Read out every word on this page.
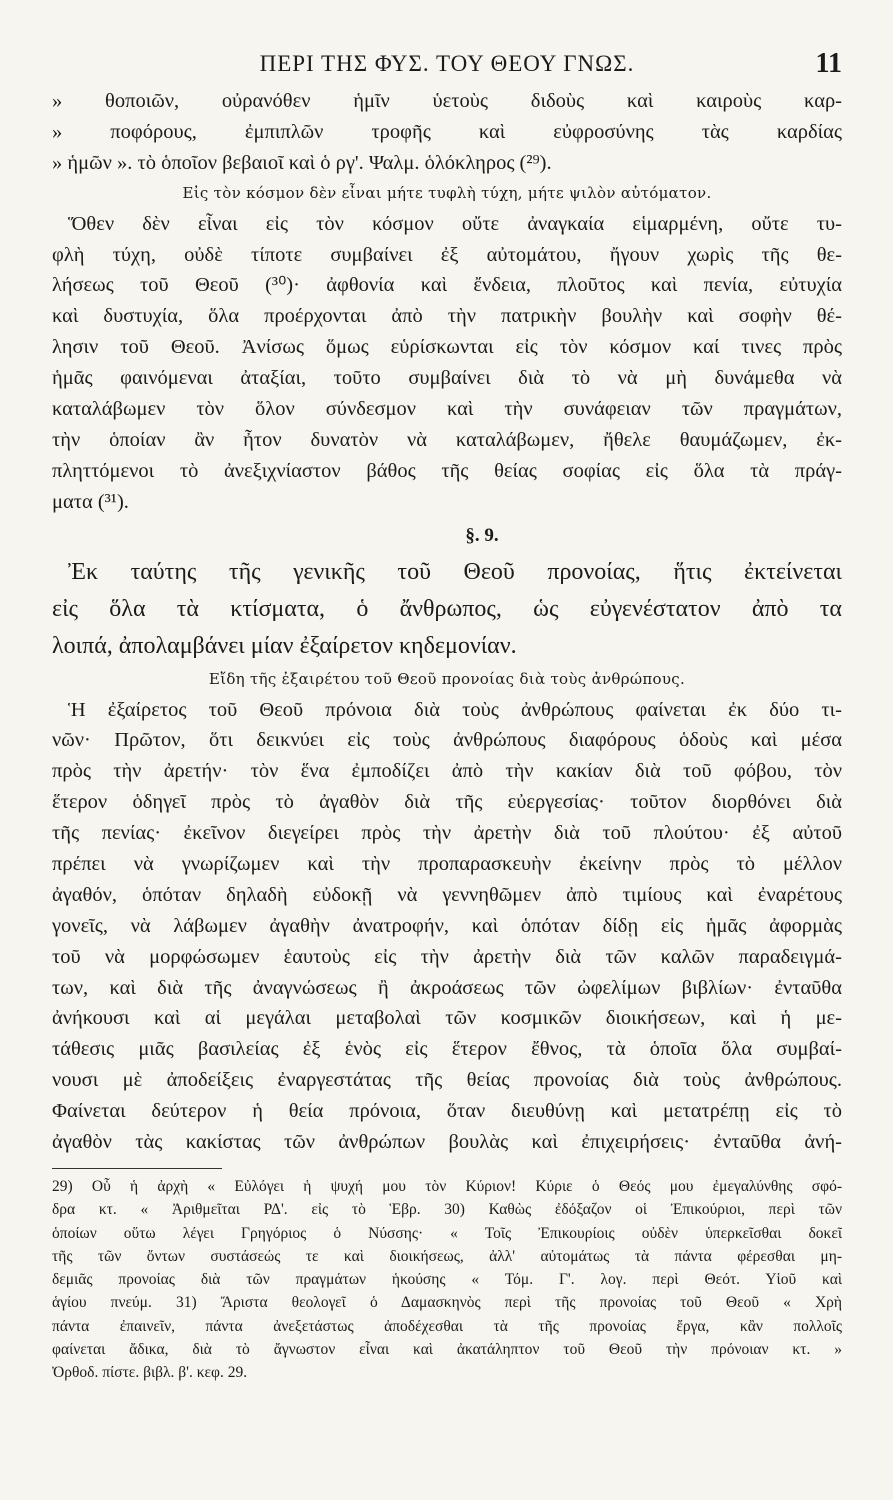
ΠΕΡΙ ΤΗΣ ΦΥΣ. ΤΟΥ ΘΕΟΥ ΓΝΩΣ.	11
» θοποιῶν, οὐρανόθεν ἡμῖν ὑετοὺς διδοὺς καὶ καιροὺς καρ-
» ποφόρους, ἐμπιπλῶν τροφῆς καὶ εὐφροσύνης τὰς καρδίας
» ἡμῶν ». τὸ ὁποῖον βεβαιοῖ καὶ ὁ ργ'. Ψαλμ. ὁλόκληρος (²⁹).
Εἰς τὸν κόσμον δὲν εἶναι μήτε τυφλὴ τύχη, μήτε ψιλὸν αὐτόματον.
Ὅθεν δὲν εἶναι εἰς τὸν κόσμον οὔτε ἀναγκαία εἱμαρμένη, οὔτε τυ-
φλὴ τύχη, οὐδὲ τίποτε συμβαίνει ἐξ αὐτομάτου, ἤγουν χωρὶς τῆς θε-
λήσεως τοῦ Θεοῦ (³⁰)· ἀφθονία καὶ ἔνδεια, πλοῦτος καὶ πενία, εὐτυχία
καὶ δυστυχία, ὅλα προέρχονται ἀπὸ τὴν πατρικὴν βουλὴν καὶ σοφὴν θέ-
λησιν τοῦ Θεοῦ. Ἀνίσως ὅμως εὑρίσκωνται εἰς τὸν κόσμον καί τινες πρὸς
ἡμᾶς φαινόμεναι ἀταξίαι, τοῦτο συμβαίνει διὰ τὸ νὰ μὴ δυνάμεθα νὰ
καταλάβωμεν τὸν ὅλον σύνδεσμον καὶ τὴν συνάφειαν τῶν πραγμάτων,
τὴν ὁποίαν ἂν ἦτον δυνατὸν νὰ καταλάβωμεν, ἤθελε θαυμάζωμεν, ἐκ-
πληττόμενοι τὸ ἀνεξιχνίαστον βάθος τῆς θείας σοφίας εἰς ὅλα τὰ πράγ-
ματα (³¹).
§. 9.
Ἐκ ταύτης τῆς γενικῆς τοῦ Θεοῦ προνοίας, ἥτις ἐκτείνεται
εἰς ὅλα τὰ κτίσματα, ὁ ἄνθρωπος, ὡς εὐγενέστατον ἀπὸ τα
λοιπά, ἀπολαμβάνει μίαν ἐξαίρετον κηδεμονίαν.
Εἴδη τῆς ἐξαιρέτου τοῦ Θεοῦ προνοίας διὰ τοὺς ἀνθρώπους.
Ἡ ἐξαίρετος τοῦ Θεοῦ πρόνοια διὰ τοὺς ἀνθρώπους φαίνεται ἐκ δύο τι-
νῶν· Πρῶτον, ὅτι δεικνύει εἰς τοὺς ἀνθρώπους διαφόρους ὁδοὺς καὶ μέσα
πρὸς τὴν ἀρετήν· τὸν ἕνα ἐμποδίζει ἀπὸ τὴν κακίαν διὰ τοῦ φόβου, τὸν
ἕτερον ὁδηγεῖ πρὸς τὸ ἀγαθὸν διὰ τῆς εὐεργεσίας· τοῦτον διορθόνει διὰ
τῆς πενίας· ἐκεῖνον διεγείρει πρὸς τὴν ἀρετὴν διὰ τοῦ πλούτου· ἐξ αὐτοῦ
πρέπει νὰ γνωρίζωμεν καὶ τὴν προπαρασκευὴν ἐκείνην πρὸς τὸ μέλλον
ἀγαθόν, ὁπόταν δηλαδὴ εὐδοκῇ νὰ γεννηθῶμεν ἀπὸ τιμίους καὶ ἐναρέτους
γονεῖς, νὰ λάβωμεν ἀγαθὴν ἀνατροφήν, καὶ ὁπόταν δίδῃ εἰς ἡμᾶς ἀφορμὰς
τοῦ νὰ μορφώσωμεν ἑαυτοὺς εἰς τὴν ἀρετὴν διὰ τῶν καλῶν παραδειγμά-
των, καὶ διὰ τῆς ἀναγνώσεως ἢ ἀκροάσεως τῶν ὠφελίμων βιβλίων· ἐνταῦθα
ἀνήκουσι καὶ αἱ μεγάλαι μεταβολαὶ τῶν κοσμικῶν διοικήσεων, καὶ ἡ με-
τάθεσις μιᾶς βασιλείας ἐξ ἑνὸς εἰς ἕτερον ἔθνος, τὰ ὁποῖα ὅλα συμβαί-
νουσι μὲ ἀποδείξεις ἐναργεστάτας τῆς θείας προνοίας διὰ τοὺς ἀνθρώπους.
Φαίνεται δεύτερον ἡ θεία πρόνοια, ὅταν διευθύνῃ καὶ μετατρέπῃ εἰς τὸ
ἀγαθὸν τὰς κακίστας τῶν ἀνθρώπων βουλὰς καὶ ἐπιχειρήσεις· ἐνταῦθα ἀνή-
29) Οὗ ἡ ἀρχὴ « Εὐλόγει ἡ ψυχή μου τὸν Κύριον! Κύριε ὁ Θεός μου ἐμεγαλύνθης σφό-
δρα κτ. « Ἀριθμεῖται ΡΔ'. εἰς τὸ Ἑβρ. 30) Καθὼς ἐδόξαζον οἱ Ἐπικούριοι, περὶ τῶν
ὁποίων οὕτω λέγει Γρηγόριος ὁ Νύσσης· « Τοῖς Ἐπικουρίοις οὐδὲν ὑπερκεῖσθαι δοκεῖ
τῆς τῶν ὄντων συστάσεώς τε καὶ διοικήσεως, ἀλλ' αὐτομάτως τὰ πάντα φέρεσθαι μη-
δεμιᾶς προνοίας διὰ τῶν πραγμάτων ἡκούσης « Τόμ. Γ'. λογ. περὶ Θεότ. Υἱοῦ καὶ
ἁγίου πνεύμ. 31) Ἄριστα θεολογεῖ ὁ Δαμασκηνὸς περὶ τῆς προνοίας τοῦ Θεοῦ « Χρὴ
πάντα ἐπαινεῖν, πάντα ἀνεξετάστως ἀποδέχεσθαι τὰ τῆς προνοίας ἔργα, κἂν πολλοῖς
φαίνεται ἄδικα, διὰ τὸ ἄγνωστον εἶναι καὶ ἀκατάληπτον τοῦ Θεοῦ τὴν πρόνοιαν κτ. »
Ὀρθοδ. πίστε. βιβλ. β'. κεφ. 29.
